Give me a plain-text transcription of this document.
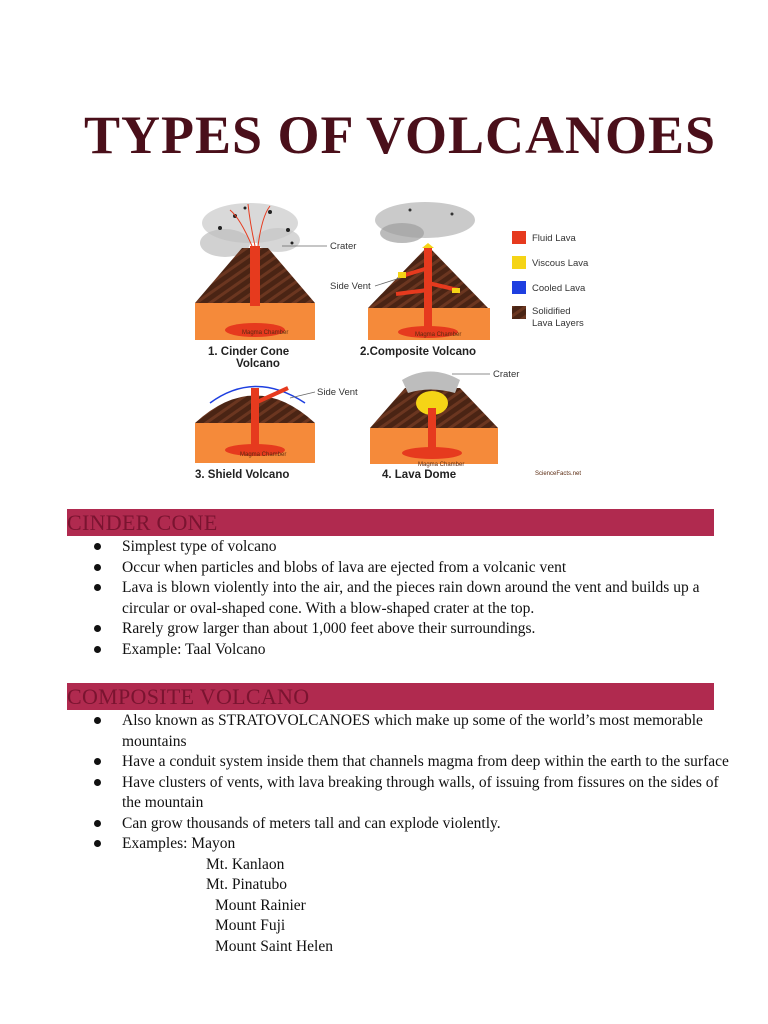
TYPES OF VOLCANOES
Magma Chamber
1. Cinder Cone
Volcano
Crater
Magma Chamber
2.Composite Volcano
Side Vent
Fluid Lava
Viscous Lava
Cooled Lava
Solidified
Lava Layers
Magma Chamber
3. Shield Volcano
Side Vent
Magma Chamber
4. Lava Dome
Crater
ScienceFacts.net
CINDER CONE
Simplest type of volcano
Occur when particles and blobs of lava are ejected from a volcanic vent
Lava is blown violently into the air, and the pieces rain down around the vent and builds up a circular or oval-shaped cone. With a blow-shaped crater at the top.
Rarely grow larger than about 1,000 feet above their surroundings.
Example: Taal Volcano
COMPOSITE VOLCANO
Also known as STRATOVOLCANOES which make up some of the world’s most memorable mountains
Have a conduit system inside them that channels magma from deep within the earth to the surface
Have clusters of vents, with lava breaking through walls, of issuing from fissures on the sides of the mountain
Can grow thousands of meters tall and can explode violently.
Examples: Mayon
Mt. Kanlaon
Mt. Pinatubo
Mount Rainier
Mount Fuji
Mount Saint Helen
